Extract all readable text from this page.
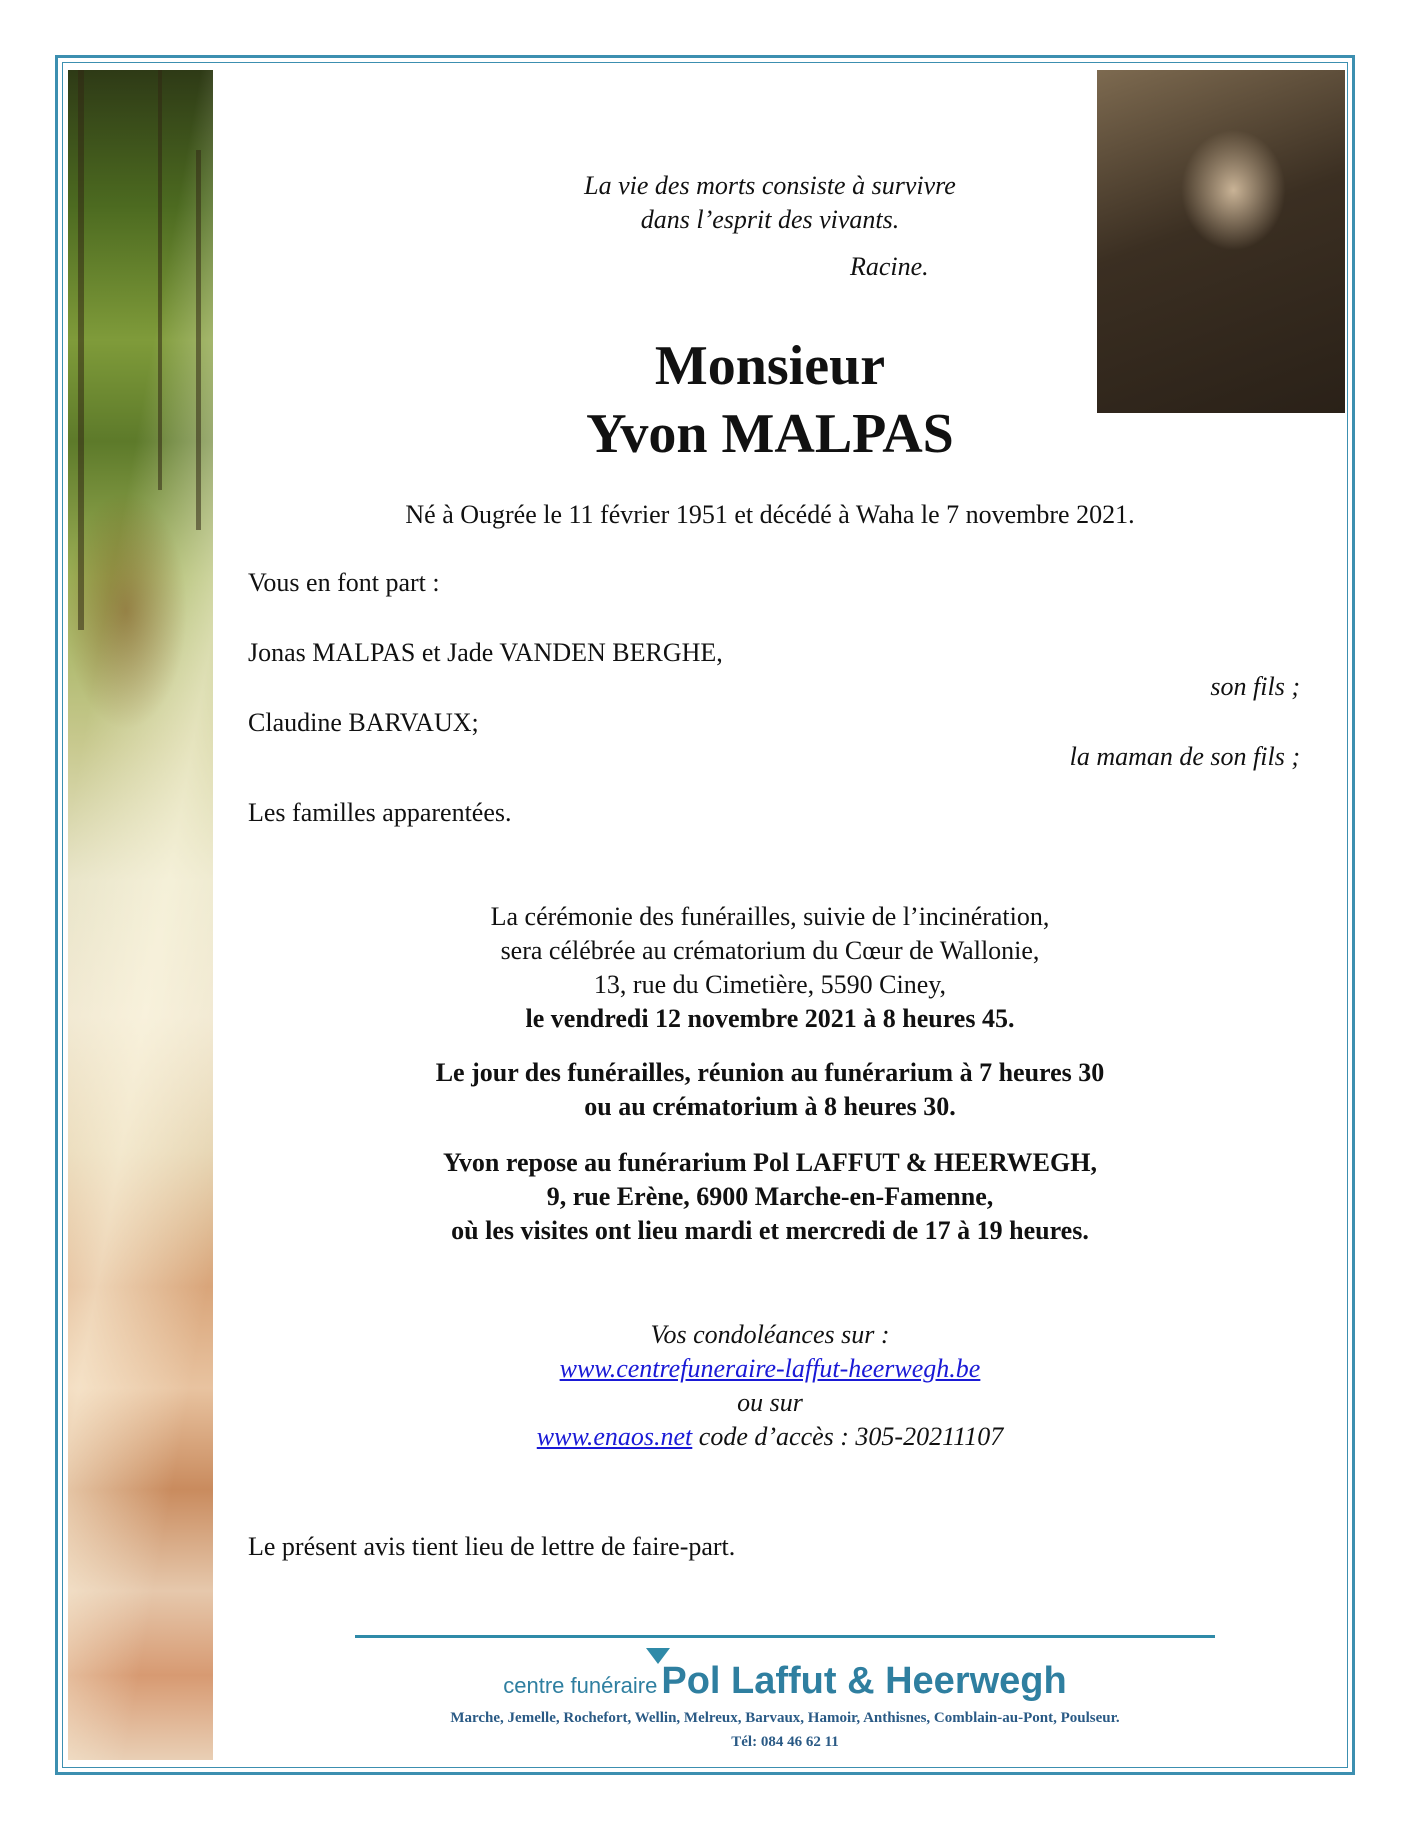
La vie des morts consiste à survivre
dans l’esprit des vivants.
Racine.
Monsieur
Yvon MALPAS
Né à Ougrée le 11 février 1951 et décédé à Waha le 7 novembre 2021.
Vous en font part :
Jonas MALPAS et Jade VANDEN BERGHE,
son fils ;
Claudine BARVAUX;
la maman de son fils ;
Les familles apparentées.
La cérémonie des funérailles, suivie de l’incinération,
sera célébrée au crématorium du Cœur de Wallonie,
13, rue du Cimetière, 5590 Ciney,
le vendredi 12 novembre 2021 à 8 heures 45.
Le jour des funérailles, réunion au funérarium à 7 heures 30
ou au crématorium à 8 heures 30.
Yvon repose au funérarium Pol LAFFUT & HEERWEGH,
9, rue Erène, 6900 Marche-en-Famenne,
où les visites ont lieu mardi et mercredi de 17 à 19 heures.
Vos condoléances sur :
www.centrefuneraire-laffut-heerwegh.be
ou sur
www.enaos.net code d’accès : 305-20211107
Le présent avis tient lieu de lettre de faire-part.
centre funéraire Pol Laffut & Heerwegh
Marche, Jemelle, Rochefort, Wellin, Melreux, Barvaux, Hamoir, Anthisnes, Comblain-au-Pont, Poulseur.
Tél: 084 46 62 11
